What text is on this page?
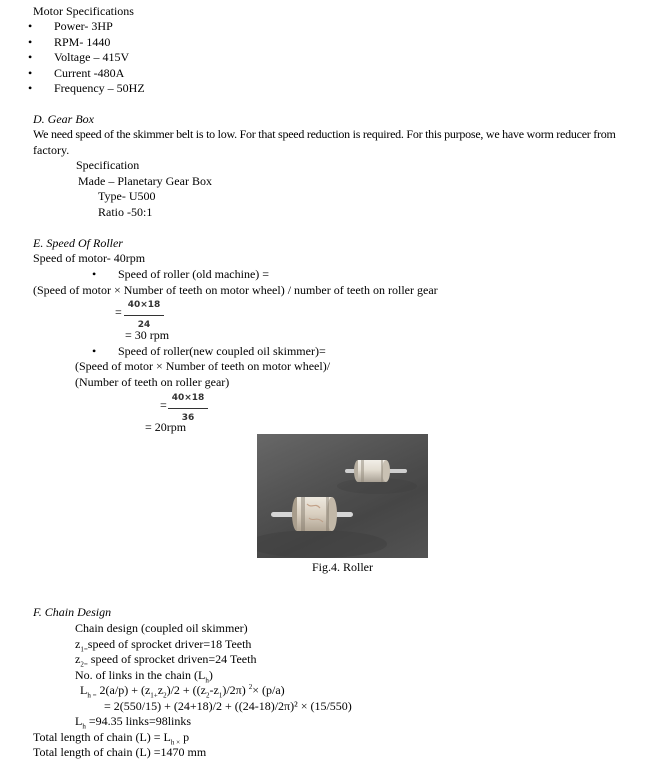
Motor Specifications
• Power- 3HP
• RPM- 1440
• Voltage – 415V
• Current -480A
• Frequency – 50HZ
D. Gear Box
We need speed of the skimmer belt is to low. For that speed reduction is required. For this purpose, we have worm reducer from
factory.
Specification
Made – Planetary Gear Box
Type- U500
Ratio -50:1
E. Speed Of Roller
Speed of motor- 40rpm
• Speed of roller (old machine) =
(Speed of motor × Number of teeth on motor wheel) / number of teeth on roller gear
= 40×18
24
= 30 rpm
• Speed of roller(new coupled oil skimmer)=
(Speed of motor × Number of teeth on motor wheel)/
(Number of teeth on roller gear)
= 40×18
36
= 20rpm
Fig.4. Roller
F. Chain Design
Chain design (coupled oil skimmer)
$z_{1=}speed$ of sprocket driver=18 Teeth
$z_{2=}$ speed of sprocket driven=24 Teeth
No. of links in the chain $(L_h)$
$L_{h =}$ $2(a/p) + (z_{1+}z_2)/2 + ((z_2-z_1)/2\pi)$ $^2$× (p/a)
= 2(550/15) + (24+18)/2 + ((24-18)/2π)² × (15/550)
$L_h =94.35$ links=98links
Total length of chain $(L) = L_{h \times}$ p
Total length of chain (L) =1470 mm
